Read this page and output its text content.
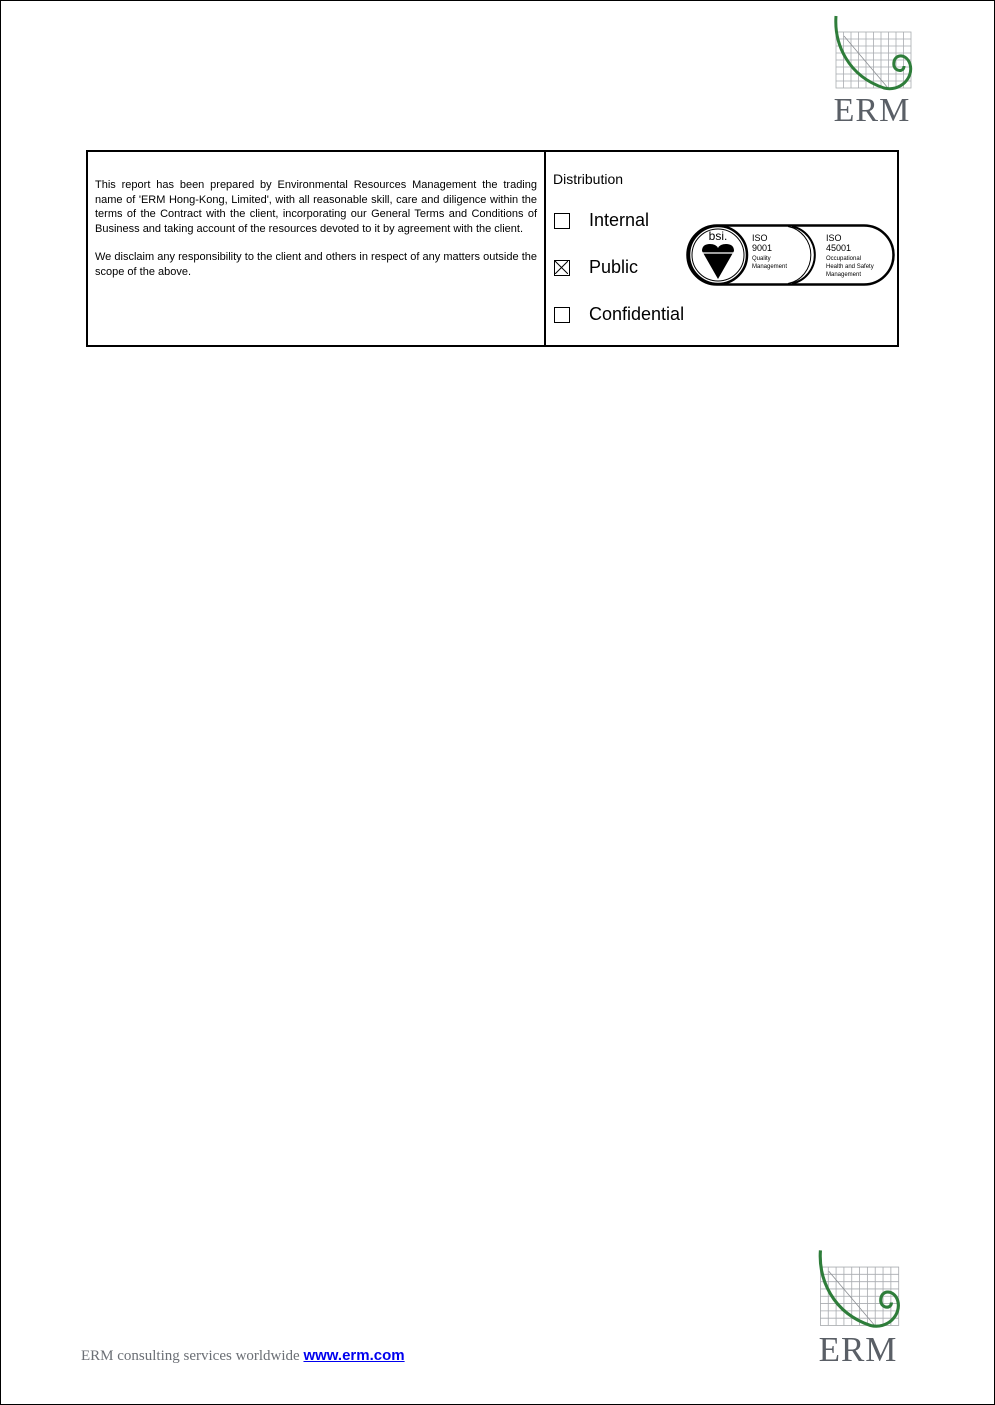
ERM

This report has been prepared by Environmental Resources Management the trading name of 'ERM Hong-Kong, Limited', with all reasonable skill, care and diligence within the terms of the Contract with the client, incorporating our General Terms and Conditions of Business and taking account of the resources devoted to it by agreement with the client.

We disclaim any responsibility to the client and others in respect of any matters outside the scope of the above.

Distribution
Internal
Public
Confidential
bsi.	ISO
9001
Quality
Management
ISO
45001
Occupational
Health and Safety
Management
ERM consulting services worldwide www.erm.com	ERM
